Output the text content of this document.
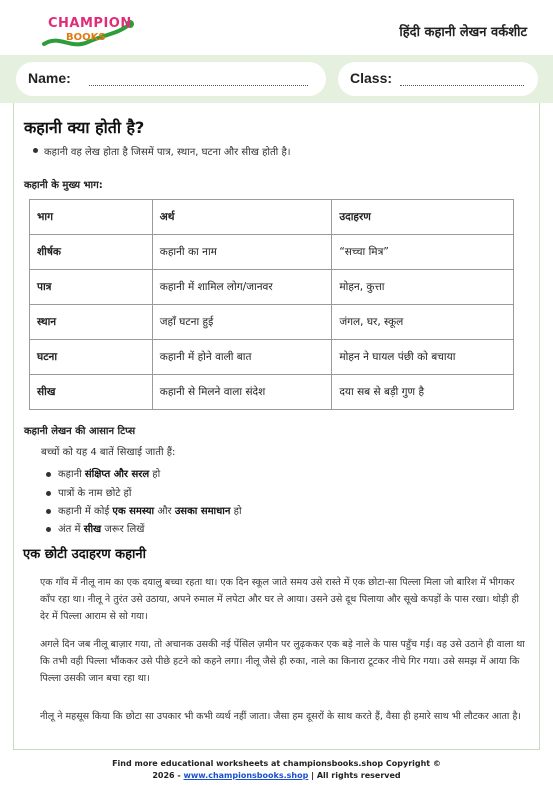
CHAMPION
BOOKS	हिंदी कहानी लेखन वर्कशीट
Name:	Class:
कहानी क्या होती है?
कहानी वह लेख होता है जिसमें पात्र, स्थान, घटना और सीख होती है।
कहानी के मुख्य भाग:
भाग	अर्थ	उदाहरण
शीर्षक	कहानी का नाम	“सच्चा मित्र”
पात्र	कहानी में शामिल लोग/जानवर	मोहन, कुत्ता
स्थान	जहाँ घटना हुई	जंगल, घर, स्कूल
घटना	कहानी में होने वाली बात	मोहन ने घायल पंछी को बचाया
सीख	कहानी से मिलने वाला संदेश	दया सब से बड़ी गुण है
कहानी लेखन की आसान टिप्स
बच्चों को यह 4 बातें सिखाई जाती हैं:
कहानी संक्षिप्त और सरल हो
पात्रों के नाम छोटे हों
कहानी में कोई एक समस्या और उसका समाधान हो
अंत में सीख जरूर लिखें
एक छोटी उदाहरण कहानी
एक गाँव में नीलू नाम का एक दयालु बच्चा रहता था। एक दिन स्कूल जाते समय उसे रास्ते में एक छोटा-सा पिल्ला मिला जो बारिश में भीगकर काँप रहा था। नीलू ने तुरंत उसे उठाया, अपने रुमाल में लपेटा और घर ले आया। उसने उसे दूध पिलाया और सूखे कपड़ों के पास रखा। थोड़ी ही देर में पिल्ला आराम से सो गया।
अगले दिन जब नीलू बाज़ार गया, तो अचानक उसकी नई पेंसिल ज़मीन पर लुढ़ककर एक बड़े नाले के पास पहुँच गई। वह उसे उठाने ही वाला था कि तभी वही पिल्ला भौंककर उसे पीछे हटने को कहने लगा। नीलू जैसे ही रुका, नाले का किनारा टूटकर नीचे गिर गया। उसे समझ में आया कि पिल्ला उसकी जान बचा रहा था।
नीलू ने महसूस किया कि छोटा सा उपकार भी कभी व्यर्थ नहीं जाता। जैसा हम दूसरों के साथ करते हैं, वैसा ही हमारे साथ भी लौटकर आता है।
Find more educational worksheets at championsbooks.shop Copyright ©
2026 - www.championsbooks.shop | All rights reserved
